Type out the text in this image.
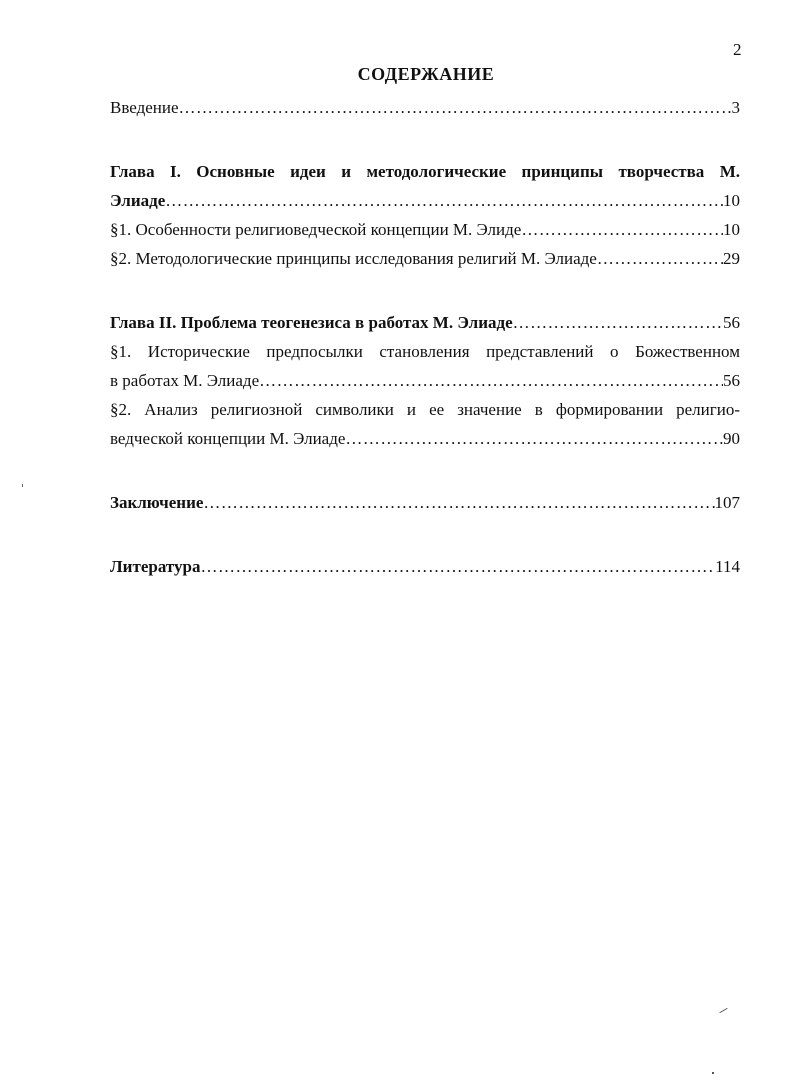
2
СОДЕРЖАНИЕ
Введение ……………………………………………………………………………………………………………………………………………………	3
Глава I. Основные идеи и методологические принципы творчества М.
Элиаде ……………………………………………………………………………………………………………………………………………………	10
§1. Особенности религиоведческой концепции М. Элиде ……………………………………………………………………………………………………………………………………………………	10
§2. Методологические принципы исследования религий М. Элиаде ……………………………………………………………………………………………………………………………………………………	29
Глава II. Проблема теогенезиса в работах М. Элиаде ……………………………………………………………………………………………………………………………………………………	56
§1. Исторические предпосылки становления представлений о Божественном
в работах М. Элиаде ……………………………………………………………………………………………………………………………………………………	56
§2. Анализ религиозной символики и ее значение в формировании религио-
ведческой концепции М. Элиаде ……………………………………………………………………………………………………………………………………………………	90
Заключение ……………………………………………………………………………………………………………………………………………………	107
Литература ……………………………………………………………………………………………………………………………………………………	114
